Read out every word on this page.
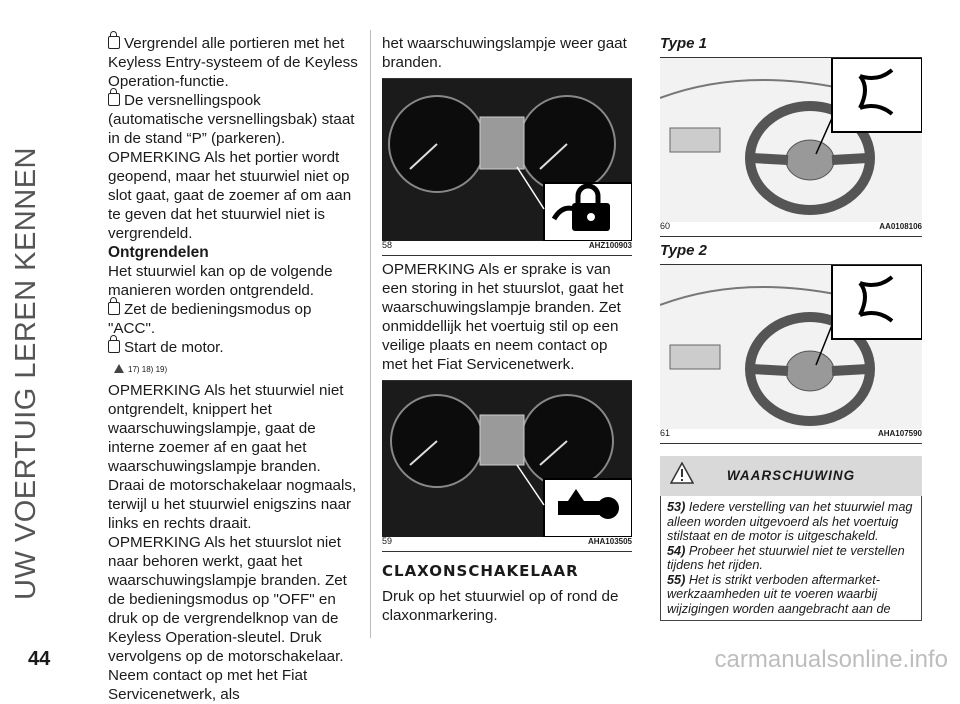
UW VOERTUIG LEREN KENNEN

Vergrendel alle portieren met het Keyless Entry-systeem of de Keyless Operation-functie.

De versnellingspook (automatische versnellingsbak) staat in de stand “P” (parkeren).

OPMERKING Als het portier wordt geopend, maar het stuurwiel niet op slot gaat, gaat de zoemer af om aan te geven dat het stuurwiel niet is vergrendeld.

Ontgrendelen

Het stuurwiel kan op de volgende manieren worden ontgrendeld.

Zet de bedieningsmodus op "ACC".

Start de motor.

17) 18) 19)

OPMERKING Als het stuurwiel niet ontgrendelt, knippert het waarschuwingslampje, gaat de interne zoemer af en gaat het waarschuwingslampje branden. Draai de motorschakelaar nogmaals, terwijl u het stuurwiel enigszins naar links en rechts draait.

OPMERKING Als het stuurslot niet naar behoren werkt, gaat het waarschuwingslampje branden. Zet de bedieningsmodus op "OFF" en druk op de vergrendelknop van de Keyless Operation-sleutel. Druk vervolgens op de motorschakelaar. Neem contact op met het Fiat Servicenetwerk, als

het waarschuwingslampje weer gaat branden.

58	AHZ100903

OPMERKING Als er sprake is van een storing in het stuurslot, gaat het waarschuwingslampje branden. Zet onmiddellijk het voertuig stil op een veilige plaats en neem contact op met het Fiat Servicenetwerk.

59	AHA103505
CLAXONSCHAKELAAR

Druk op het stuurwiel op of rond de claxonmarkering.

Type 1
60	AA0108106
Type 2
61	AHA107590
WAARSCHUWING
53) Iedere verstelling van het stuurwiel mag alleen worden uitgevoerd als het voertuig stilstaat en de motor is uitgeschakeld.
54) Probeer het stuurwiel niet te verstellen tijdens het rijden.
55) Het is strikt verboden aftermarket-werkzaamheden uit te voeren waarbij wijzigingen worden aangebracht aan de
44	carmanualsonline.info
